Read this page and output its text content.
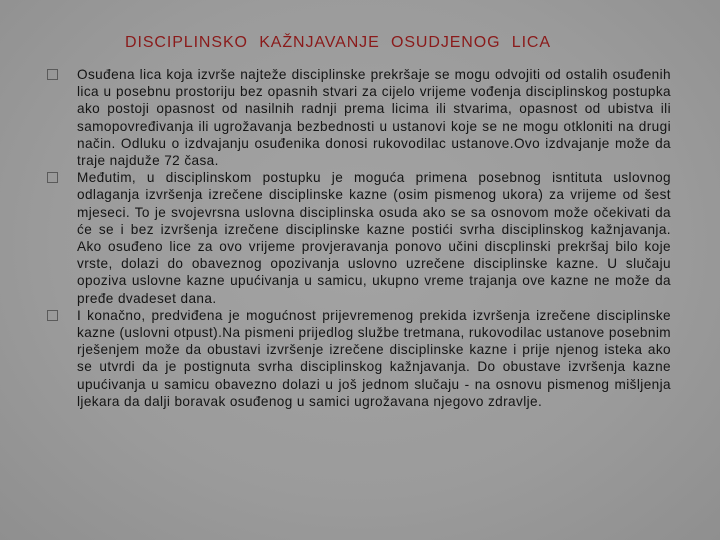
DISCIPLINSKO KAŽNJAVANJE OSUDJENOG LICA

Osuđena lica koja izvrše najteže disciplinske prekršaje se mogu odvojiti od ostalih osuđenih lica u posebnu prostoriju bez opasnih stvari za cijelo vrijeme vođenja disciplinskog postupka ako postoji opasnost od nasilnih radnji prema licima ili stvarima, opasnost od ubistva ili samopovređivanja ili ugrožavanja bezbednosti u ustanovi koje se ne mogu otkloniti na drugi način. Odluku o izdvajanju osuđenika donosi rukovodilac ustanove.Ovo izdvajanje može da traje najduže 72 časa.

Međutim, u disciplinskom postupku je moguća primena posebnog isntituta uslovnog odlaganja izvršenja izrečene disciplinske kazne (osim pismenog ukora) za vrijeme od šest mjeseci. To je svojevrsna uslovna disciplinska osuda ako se sa osnovom može očekivati da će se i bez izvršenja izrečene disciplinske kazne postići svrha disciplinskog kažnjavanja. Ako osuđeno lice za ovo vrijeme provjeravanja ponovo učini discplinski prekršaj bilo koje vrste, dolazi do obaveznog opozivanja uslovno uzrečene disciplinske kazne. U slučaju opoziva uslovne kazne upućivanja u samicu, ukupno vreme trajanja ove kazne ne može da pređe dvadeset dana.

I konačno, predviđena je mogućnost prijevremenog prekida izvršenja izrečene disciplinske kazne (uslovni otpust).Na pismeni prijedlog službe tretmana, rukovodilac ustanove posebnim rješenjem može da obustavi izvršenje izrečene disciplinske kazne i prije njenog isteka ako se utvrdi da je postignuta svrha disciplinskog kažnjavanja. Do obustave izvršenja kazne upućivanja u samicu obavezno dolazi u još jednom slučaju - na osnovu pismenog mišljenja ljekara da dalji boravak osuđenog u samici ugrožavana njegovo zdravlje.
